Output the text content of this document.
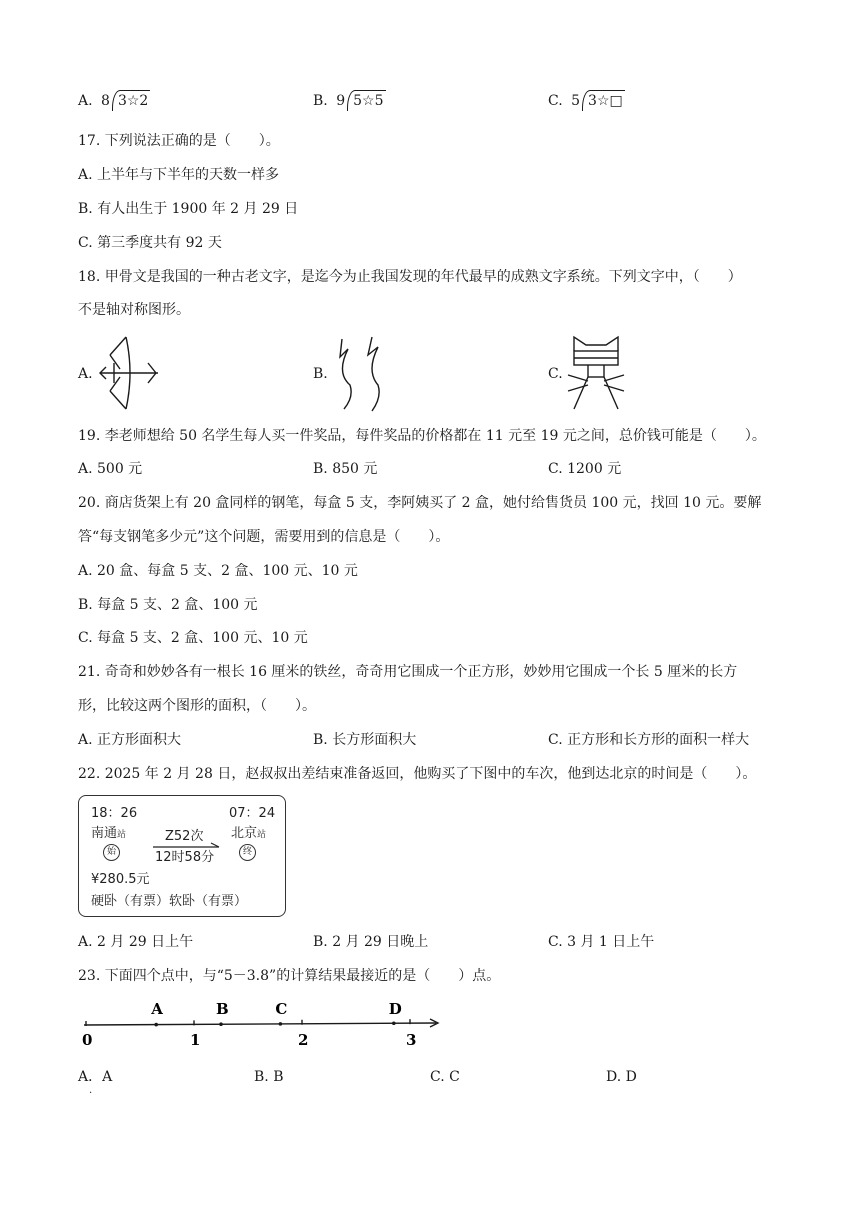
A. 8 3☆2	B. 9 5☆5	C. 5 3☆□
17. 下列说法正确的是（　　）。
A. 上半年与下半年的天数一样多
B. 有人出生于 1900 年 2 月 29 日
C. 第三季度共有 92 天
18. 甲骨文是我国的一种古老文字，是迄今为止我国发现的年代最早的成熟文字系统。下列文字中，（　　）
不是轴对称图形。
A.	B.	C.
19. 李老师想给 50 名学生每人买一件奖品，每件奖品的价格都在 11 元至 19 元之间，总价钱可能是（　　）。
A. 500 元	B. 850 元	C. 1200 元
20. 商店货架上有 20 盒同样的钢笔，每盒 5 支，李阿姨买了 2 盒，她付给售货员 100 元，找回 10 元。要解
答“每支钢笔多少元”这个问题，需要用到的信息是（　　）。
A. 20 盒、每盒 5 支、2 盒、100 元、10 元
B. 每盒 5 支、2 盒、100 元
C. 每盒 5 支、2 盒、100 元、10 元
21. 奇奇和妙妙各有一根长 16 厘米的铁丝，奇奇用它围成一个正方形，妙妙用它围成一个长 5 厘米的长方
形，比较这两个图形的面积，（　　）。
A. 正方形面积大	B. 长方形面积大	C. 正方形和长方形的面积一样大
22. 2025 年 2 月 28 日，赵叔叔出差结束准备返回，他购买了下图中的车次，他到达北京的时间是（　　）。
18：26	07：24
南通站	北京站
Z52次
12时58分
始	终
¥280.5元
硬卧（有票）软卧（有票）
A. 2 月 29 日上午	B. 2 月 29 日晚上	C. 3 月 1 日上午
23. 下面四个点中，与“5－3.8”的计算结果最接近的是（　　）点。
0	1	2	3
A	B	C	D
A．A	B. B	C. C	D. D
.
